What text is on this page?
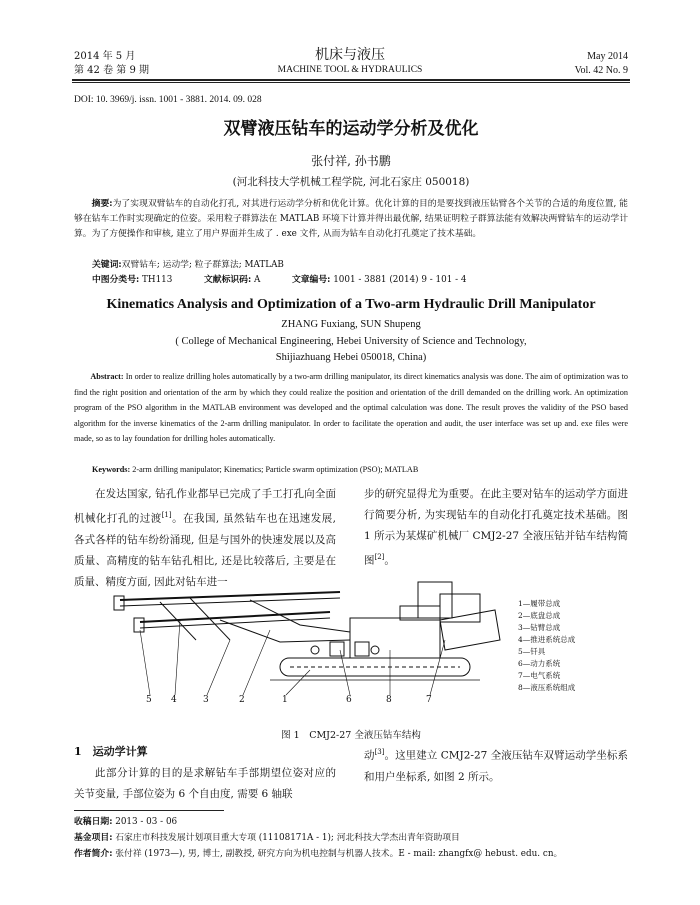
2014 年 5 月
第 42 卷 第 9 期
机床与液压
MACHINE TOOL & HYDRAULICS
May 2014
Vol. 42 No. 9
DOI: 10. 3969/j. issn. 1001 - 3881. 2014. 09. 028
双臂液压钻车的运动学分析及优化
张付祥, 孙书鹏
(河北科技大学机械工程学院, 河北石家庄 050018)
摘要:为了实现双臂钻车的自动化打孔, 对其进行运动学分析和优化计算。优化计算的目的是要找到液压钻臂各个关节的合适的角度位置, 能够在钻车工作时实现确定的位姿。采用粒子群算法在 MATLAB 环境下计算并得出最优解, 结果证明粒子群算法能有效解决两臂钻车的运动学计算。为了方便操作和审核, 建立了用户界面并生成了 . exe 文件, 从而为钻车自动化打孔奠定了技术基础。
关键词:双臂钻车; 运动学; 粒子群算法; MATLAB
中图分类号: TH113	文献标识码: A	文章编号: 1001 - 3881 (2014) 9 - 101 - 4
Kinematics Analysis and Optimization of a Two-arm Hydraulic Drill Manipulator
ZHANG Fuxiang, SUN Shupeng
( College of Mechanical Engineering, Hebei University of Science and Technology,
Shijiazhuang Hebei 050018, China)
Abstract: In order to realize drilling holes automatically by a two-arm drilling manipulator, its direct kinematics analysis was done. The aim of optimization was to find the right position and orientation of the arm by which they could realize the position and orientation of the drill demanded on the drilling work. An optimization program of the PSO algorithm in the MATLAB environment was developed and the optimal calculation was done. The result proves the validity of the PSO based algorithm for the inverse kinematics of the 2-arm drilling manipulator. In order to facilitate the operation and audit, the user interface was set up and. exe files were made, so as to lay foundation for drilling holes automatically.
Keywords: 2-arm drilling manipulator; Kinematics; Particle swarm optimization (PSO); MATLAB
在发达国家, 钻孔作业都早已完成了手工打孔向全面机械化打孔的过渡[1]。在我国, 虽然钻车也在迅速发展, 各式各样的钻车纷纷涌现, 但是与国外的快速发展以及高质量、高精度的钻车钻孔相比, 还是比较落后, 主要是在质量、精度方面, 因此对钻车进一
步的研究显得尤为重要。在此主要对钻车的运动学方面进行简要分析, 为实现钻车的自动化打孔奠定技术基础。图 1 所示为某煤矿机械厂 CMJ2-27 全液压钻并钻车结构简图[2]。
5 4	3	2	1	6	8	7
1—履带总成
2—底盘总成
3—钻臂总成
4—推进系统总成
5—钎具
6—动力系统
7—电气系统
8—液压系统组成
图 1　CMJ2-27 全液压钻车结构
1　运动学计算
此部分计算的目的是求解钻车手部期望位姿对应的关节变量, 手部位姿为 6 个自由度, 需要 6 轴联
动[3]。这里建立 CMJ2-27 全液压钻车双臂运动学坐标系和用户坐标系, 如图 2 所示。
收稿日期: 2013 - 03 - 06
基金项目: 石家庄市科技发展计划项目重大专项 (11108171A - 1); 河北科技大学杰出青年资助项目
作者简介: 张付祥 (1973—), 男, 博士, 副教授, 研究方向为机电控制与机器人技术。E - mail: zhangfx@ hebust. edu. cn。
